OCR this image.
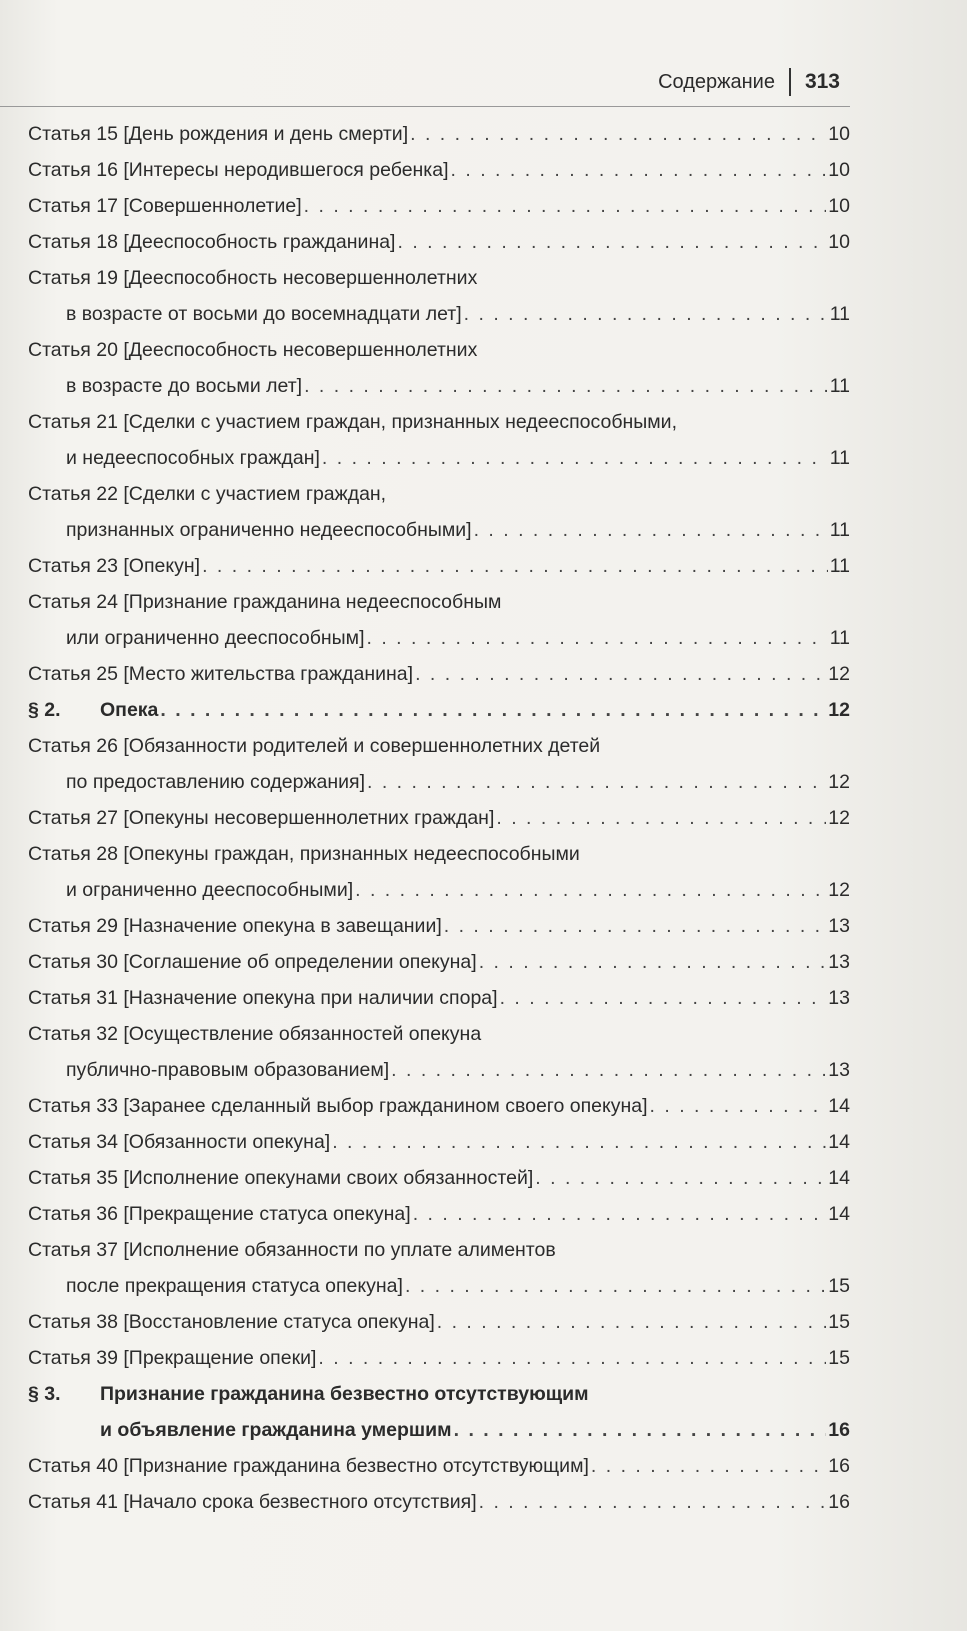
Содержание 313
Статья 15 [День рождения и день смерти] . . .	10
Статья 16 [Интересы неродившегося ребенка] . . .	10
Статья 17 [Совершеннолетие] . . .	10
Статья 18 [Дееспособность гражданина] . . .	10
Статья 19 [Дееспособность несовершеннолетних
в возрасте от восьми до восемнадцати лет] . . .	11
Статья 20 [Дееспособность несовершеннолетних
в возрасте до восьми лет] . . .	11
Статья 21 [Сделки с участием граждан, признанных недееспособными,
и недееспособных граждан] . . .	11
Статья 22 [Сделки с участием граждан,
признанных ограниченно недееспособными] . . .	11
Статья 23 [Опекун] . . .	11
Статья 24 [Признание гражданина недееспособным
или ограниченно дееспособным] . . .	11
Статья 25 [Место жительства гражданина] . . .	12
§ 2. Опека . . .	12
Статья 26 [Обязанности родителей и совершеннолетних детей
по предоставлению содержания] . . .	12
Статья 27 [Опекуны несовершеннолетних граждан] . . .	12
Статья 28 [Опекуны граждан, признанных недееспособными
и ограниченно дееспособными] . . .	12
Статья 29 [Назначение опекуна в завещании] . . .	13
Статья 30 [Соглашение об определении опекуна] . . .	13
Статья 31 [Назначение опекуна при наличии спора] . . .	13
Статья 32 [Осуществление обязанностей опекуна
публично-правовым образованием] . . .	13
Статья 33 [Заранее сделанный выбор гражданином своего опекуна] . . .	14
Статья 34 [Обязанности опекуна] . . .	14
Статья 35 [Исполнение опекунами своих обязанностей] . . .	14
Статья 36 [Прекращение статуса опекуна] . . .	14
Статья 37 [Исполнение обязанности по уплате алиментов
после прекращения статуса опекуна] . . .	15
Статья 38 [Восстановление статуса опекуна] . . .	15
Статья 39 [Прекращение опеки] . . .	15
§ 3. Признание гражданина безвестно отсутствующим
и объявление гражданина умершим . . .	16
Статья 40 [Признание гражданина безвестно отсутствующим] . . .	16
Статья 41 [Начало срока безвестного отсутствия] . . .	16
